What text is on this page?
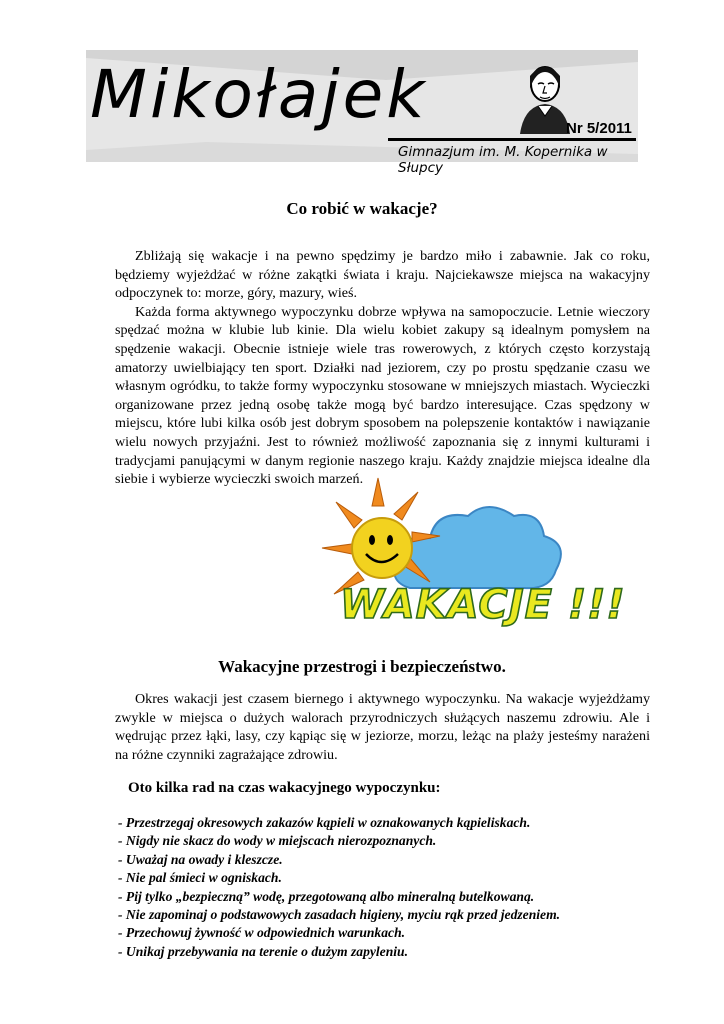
Mikołajek	Nr 5/2011
Gimnazjum im. M. Kopernika w Słupcy
Co robić w wakacje?

Zbliżają się wakacje i na pewno spędzimy je bardzo miło i zabawnie. Jak co roku, będziemy wyjeżdżać w różne zakątki świata i kraju. Najciekawsze miejsca na wakacyjny odpoczynek to: morze, góry, mazury, wieś.

Każda forma aktywnego wypoczynku dobrze wpływa na samopoczucie. Letnie wieczory spędzać można w klubie lub kinie. Dla wielu kobiet zakupy są idealnym pomysłem na spędzenie wakacji. Obecnie istnieje wiele tras rowerowych, z których często korzystają amatorzy uwielbiający ten sport. Działki nad jeziorem, czy po prostu spędzanie czasu we własnym ogródku, to także formy wypoczynku stosowane w mniejszych miastach. Wycieczki organizowane przez jedną osobę także mogą być bardzo interesujące. Czas spędzony w miejscu, które lubi kilka osób jest dobrym sposobem na polepszenie kontaktów i nawiązanie wielu nowych przyjaźni. Jest to również możliwość zapoznania się z innymi kulturami i tradycjami panującymi w danym regionie naszego kraju. Każdy znajdzie miejsca idealne dla siebie i wybierze wycieczki swoich marzeń.

WAKACJE !!!
Wakacyjne przestrogi i bezpieczeństwo.

Okres wakacji jest czasem biernego i aktywnego wypoczynku. Na wakacje wyjeżdżamy zwykle w miejsca o dużych walorach przyrodniczych służących naszemu zdrowiu. Ale i wędrując przez łąki, lasy, czy kąpiąc się w jeziorze, morzu, leżąc na plaży jesteśmy narażeni na różne czynniki zagrażające zdrowiu.

Oto kilka rad na czas wakacyjnego wypoczynku:
- Przestrzegaj okresowych zakazów kąpieli w oznakowanych kąpieliskach.
- Nigdy nie skacz do wody w miejscach nierozpoznanych.
- Uważaj na owady i kleszcze.
- Nie pal śmieci w ogniskach.
- Pij tylko „bezpieczną” wodę, przegotowaną albo mineralną butelkowaną.
- Nie zapominaj o podstawowych zasadach higieny, myciu rąk przed jedzeniem.
- Przechowuj żywność w odpowiednich warunkach.
- Unikaj przebywania na terenie o dużym zapyleniu.
